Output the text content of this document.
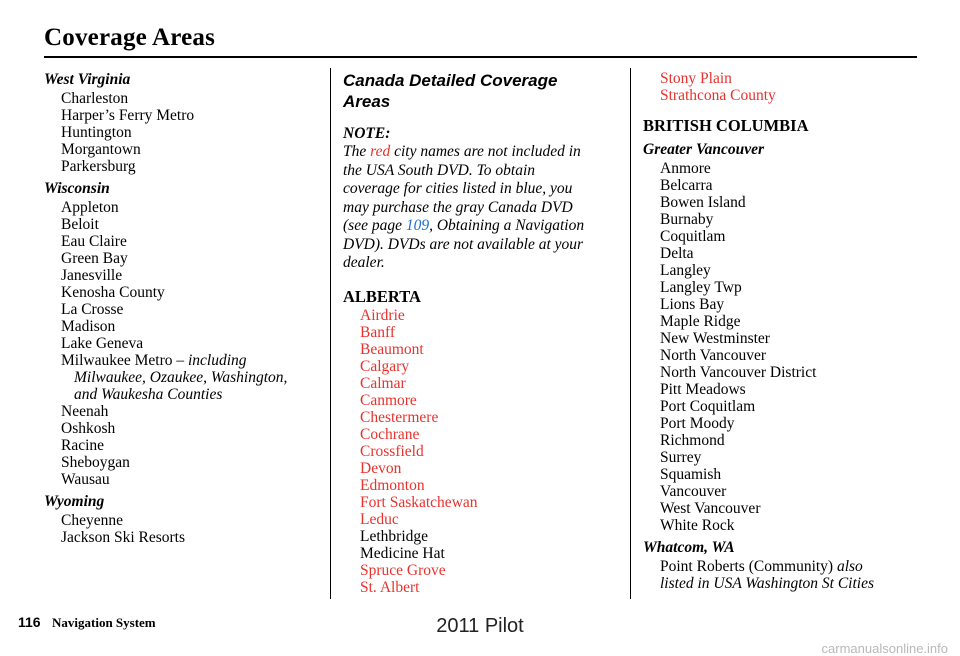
Coverage Areas
West Virginia
Charleston
Harper’s Ferry Metro
Huntington
Morgantown
Parkersburg
Wisconsin
Appleton
Beloit
Eau Claire
Green Bay
Janesville
Kenosha County
La Crosse
Madison
Lake Geneva
Milwaukee Metro – including
Milwaukee, Ozaukee, Washington,
and Waukesha Counties
Neenah
Oshkosh
Racine
Sheboygan
Wausau
Wyoming
Cheyenne
Jackson Ski Resorts
Canada Detailed Coverage
Areas
NOTE:
The red city names are not included in
the USA South DVD. To obtain
coverage for cities listed in blue, you
may purchase the gray Canada DVD
(see page 109, Obtaining a Navigation
DVD). DVDs are not available at your
dealer.
ALBERTA
Airdrie
Banff
Beaumont
Calgary
Calmar
Canmore
Chestermere
Cochrane
Crossfield
Devon
Edmonton
Fort Saskatchewan
Leduc
Lethbridge
Medicine Hat
Spruce Grove
St. Albert
Stony Plain
Strathcona County
BRITISH COLUMBIA
Greater Vancouver
Anmore
Belcarra
Bowen Island
Burnaby
Coquitlam
Delta
Langley
Langley Twp
Lions Bay
Maple Ridge
New Westminster
North Vancouver
North Vancouver District
Pitt Meadows
Port Coquitlam
Port Moody
Richmond
Surrey
Squamish
Vancouver
West Vancouver
White Rock
Whatcom, WA
Point Roberts (Community) also
listed in USA Washington St Cities
116 Navigation System	2011 Pilot
carmanualsonline.info
